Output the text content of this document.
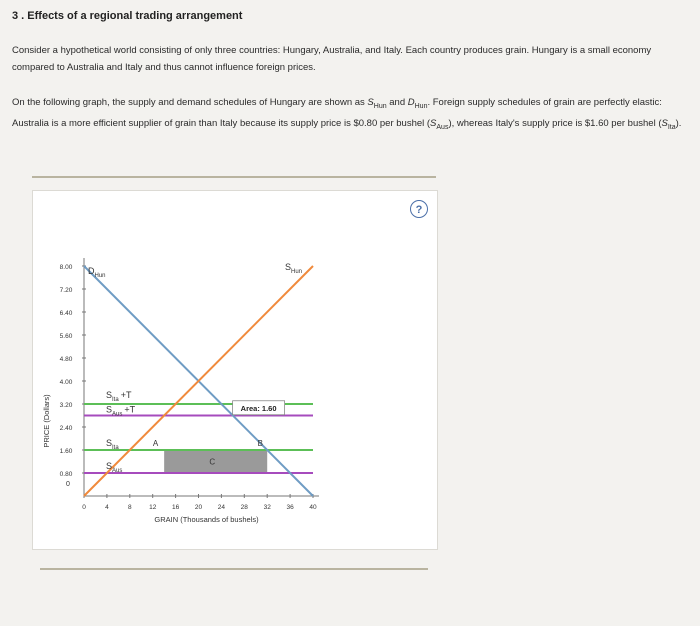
3 . Effects of a regional trading arrangement
Consider a hypothetical world consisting of only three countries: Hungary, Australia, and Italy. Each country produces grain. Hungary is a small economy compared to Australia and Italy and thus cannot influence foreign prices.
On the following graph, the supply and demand schedules of Hungary are shown as $S_{Hun}$ and $D_{Hun}$. Foreign supply schedules of grain are perfectly elastic: Australia is a more efficient supplier of grain than Italy because its supply price is $0.80 per bushel $(S_{Aus})$, whereas Italy's supply price is $1.60 per bushel $(S_{Ita})$.
0
0.80
1.60
2.40
3.20
4.00
4.80
5.60
6.40
7.20
8.00
0	4	8	12 16 20 24 28 32 36 40
$D_{Hun}$
$S_{Hun}$
$S_{Ita} +T$
$S_{Aus} +T$
$S_{Ita}$
$S_{Aus}$
A	B
C
Area: 1.60
GRAIN (Thousands of bushels)
PRICE (Dollars)
?
